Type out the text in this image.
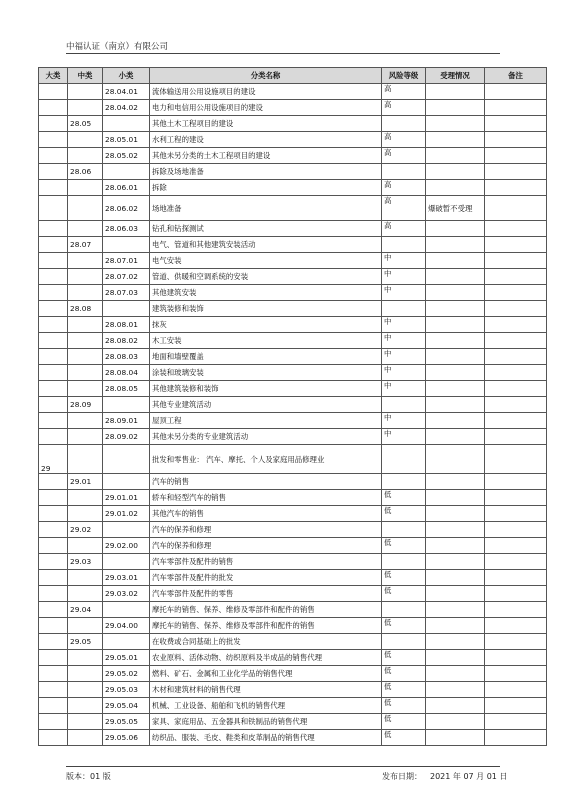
中福认证（南京）有限公司
大类	中类	小类	分类名称	风险等级	受理情况	备注
		28.04.01	流体输送用公用设施项目的建设	高		
		28.04.02	电力和电信用公用设施项目的建设	高		
	28.05		其他土木工程项目的建设			
		28.05.01	水利工程的建设	高		
		28.05.02	其他未另分类的土木工程项目的建设	高		
	28.06		拆除及场地准备			
		28.06.01	拆除	高		
		28.06.02	场地准备	高	爆破暂不受理	
		28.06.03	钻孔和钻探测试	高		
	28.07		电气、管道和其他建筑安装活动			
		28.07.01	电气安装	中		
		28.07.02	管道、供暖和空调系统的安装	中		
		28.07.03	其他建筑安装	中		
	28.08		建筑装修和装饰			
		28.08.01	抹灰	中		
		28.08.02	木工安装	中		
		28.08.03	地面和墙壁覆盖	中		
		28.08.04	涂装和玻璃安装	中		
		28.08.05	其他建筑装修和装饰	中		
	28.09		其他专业建筑活动			
		28.09.01	屋顶工程	中		
		28.09.02	其他未另分类的专业建筑活动	中		
29			批发和零售业： 汽车、摩托、个人及家庭用品修理业			
	29.01		汽车的销售			
		29.01.01	轿车和轻型汽车的销售	低		
		29.01.02	其他汽车的销售	低		
	29.02		汽车的保养和修理			
		29.02.00	汽车的保养和修理	低		
	29.03		汽车零部件及配件的销售			
		29.03.01	汽车零部件及配件的批发	低		
		29.03.02	汽车零部件及配件的零售	低		
	29.04		摩托车的销售、保养、维修及零部件和配件的销售			
		29.04.00	摩托车的销售、保养、维修及零部件和配件的销售	低		
	29.05		在收费或合同基础上的批发			
		29.05.01	农业原料、活体动物、纺织原料及半成品的销售代理	低		
		29.05.02	燃料、矿石、金属和工业化学品的销售代理	低		
		29.05.03	木材和建筑材料的销售代理	低		
		29.05.04	机械、工业设备、船舶和飞机的销售代理	低		
		29.05.05	家具、家庭用品、五金器具和铁制品的销售代理	低		
		29.05.06	纺织品、服装、毛皮、鞋类和皮革制品的销售代理	低		
版本：01 版	发布日期： 2021 年 07 月 01 日
